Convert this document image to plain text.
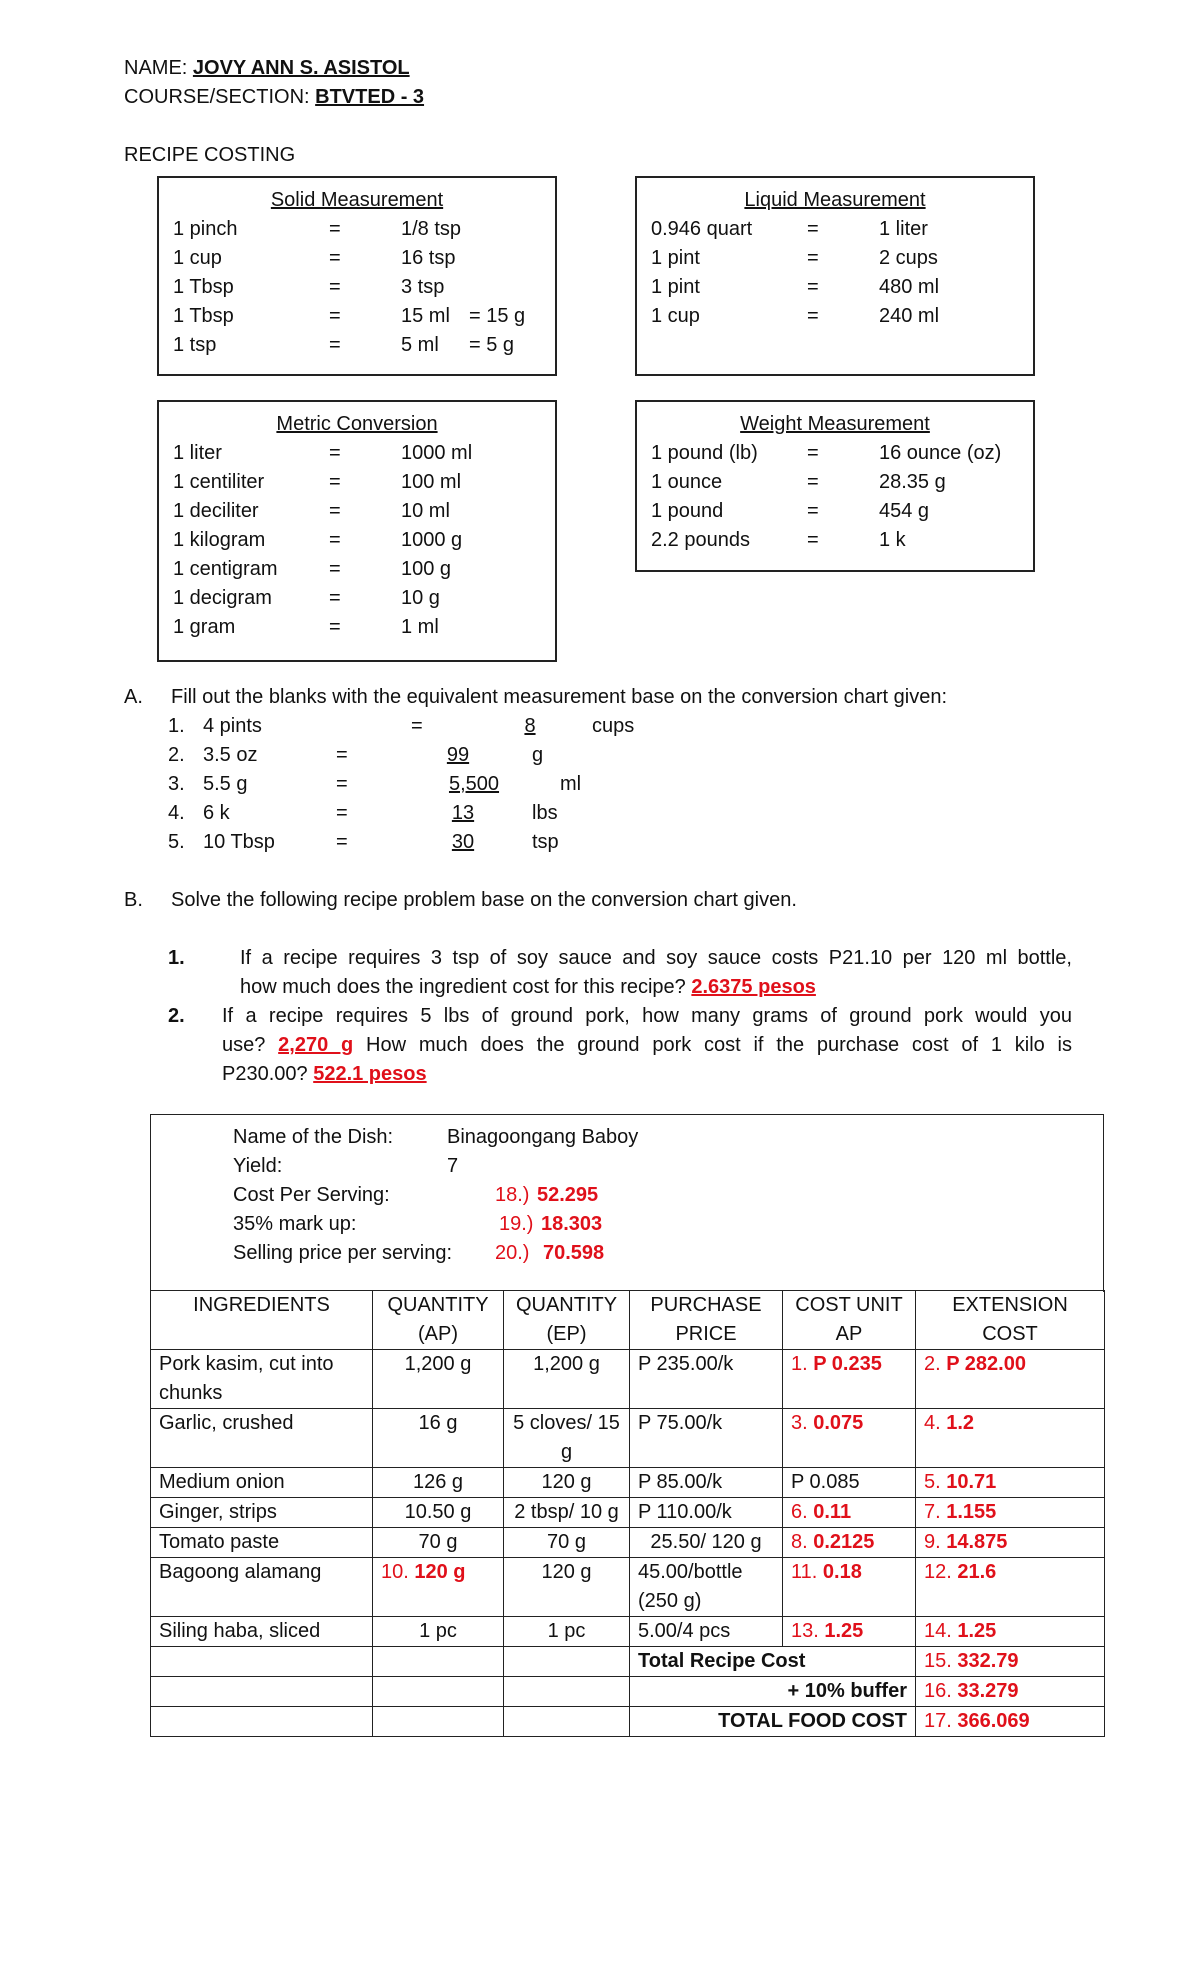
NAME: JOVY ANN S. ASISTOL
COURSE/SECTION: BTVTED - 3
RECIPE COSTING
Solid Measurement
1 pinch	=	1/8 tsp
1 cup	=	16 tsp
1 Tbsp	=	3 tsp
1 Tbsp	=	15 ml = 15 g
1 tsp	=	5 ml = 5 g
Liquid Measurement
0.946 quart	=	1 liter
1 pint	=	2 cups
1 pint	=	480 ml
1 cup	=	240 ml
Metric Conversion
1 liter	=	1000 ml
1 centiliter	=	100 ml
1 deciliter	=	10 ml
1 kilogram	=	1000 g
1 centigram	=	100 g
1 decigram	=	10 g
1 gram	=	1 ml
Weight Measurement
1 pound (lb) =	16 ounce (oz)
1 ounce	=	28.35 g
1 pound	=	454 g
2.2 pounds	=	1 k
A. Fill out the blanks with the equivalent measurement base on the conversion chart given:
1. 4 pints	=	8	cups
2. 3.5 oz	=	99	g
3. 5.5 g	=	5,500	ml
4. 6 k	=	13	lbs
5. 10 Tbsp	=	30	tsp
B. Solve the following recipe problem base on the conversion chart given.
1.	If a recipe requires 3 tsp of soy sauce and soy sauce costs P21.10 per 120 ml bottle,
how much does the ingredient cost for this recipe? 2.6375 pesos
2. If a recipe requires 5 lbs of ground pork, how many grams of ground pork would you
use? 2,270 g How much does the ground pork cost if the purchase cost of 1 kilo is
P230.00? 522.1 pesos
Name of the Dish:	Binagoongang Baboy
Yield:	7
Cost Per Serving:	18.) 52.295
35% mark up:	19.) 18.303
Selling price per serving: 20.) 70.598
INGREDIENTS	QUANTITY (AP)	QUANTITY (EP)	PURCHASE PRICE	COST UNIT AP	EXTENSION COST
Pork kasim, cut into chunks	1,200 g	1,200 g	P 235.00/k	1. P 0.235	2. P 282.00
Garlic, crushed	16 g	5 cloves/ 15 g	P 75.00/k	3. 0.075	4. 1.2
Medium onion	126 g	120 g	P 85.00/k	P 0.085	5. 10.71
Ginger, strips	10.50 g	2 tbsp/ 10 g	P 110.00/k	6. 0.11	7. 1.155
Tomato paste	70 g	70 g	25.50/ 120 g	8. 0.2125	9. 14.875
Bagoong alamang	10. 120 g	120 g	45.00/bottle (250 g)	11. 0.18	12. 21.6
Siling haba, sliced	1 pc	1 pc	5.00/4 pcs	13. 1.25	14. 1.25
			Total Recipe Cost		15. 332.79
			+ 10% buffer		16. 33.279
			TOTAL FOOD COST		17. 366.069
